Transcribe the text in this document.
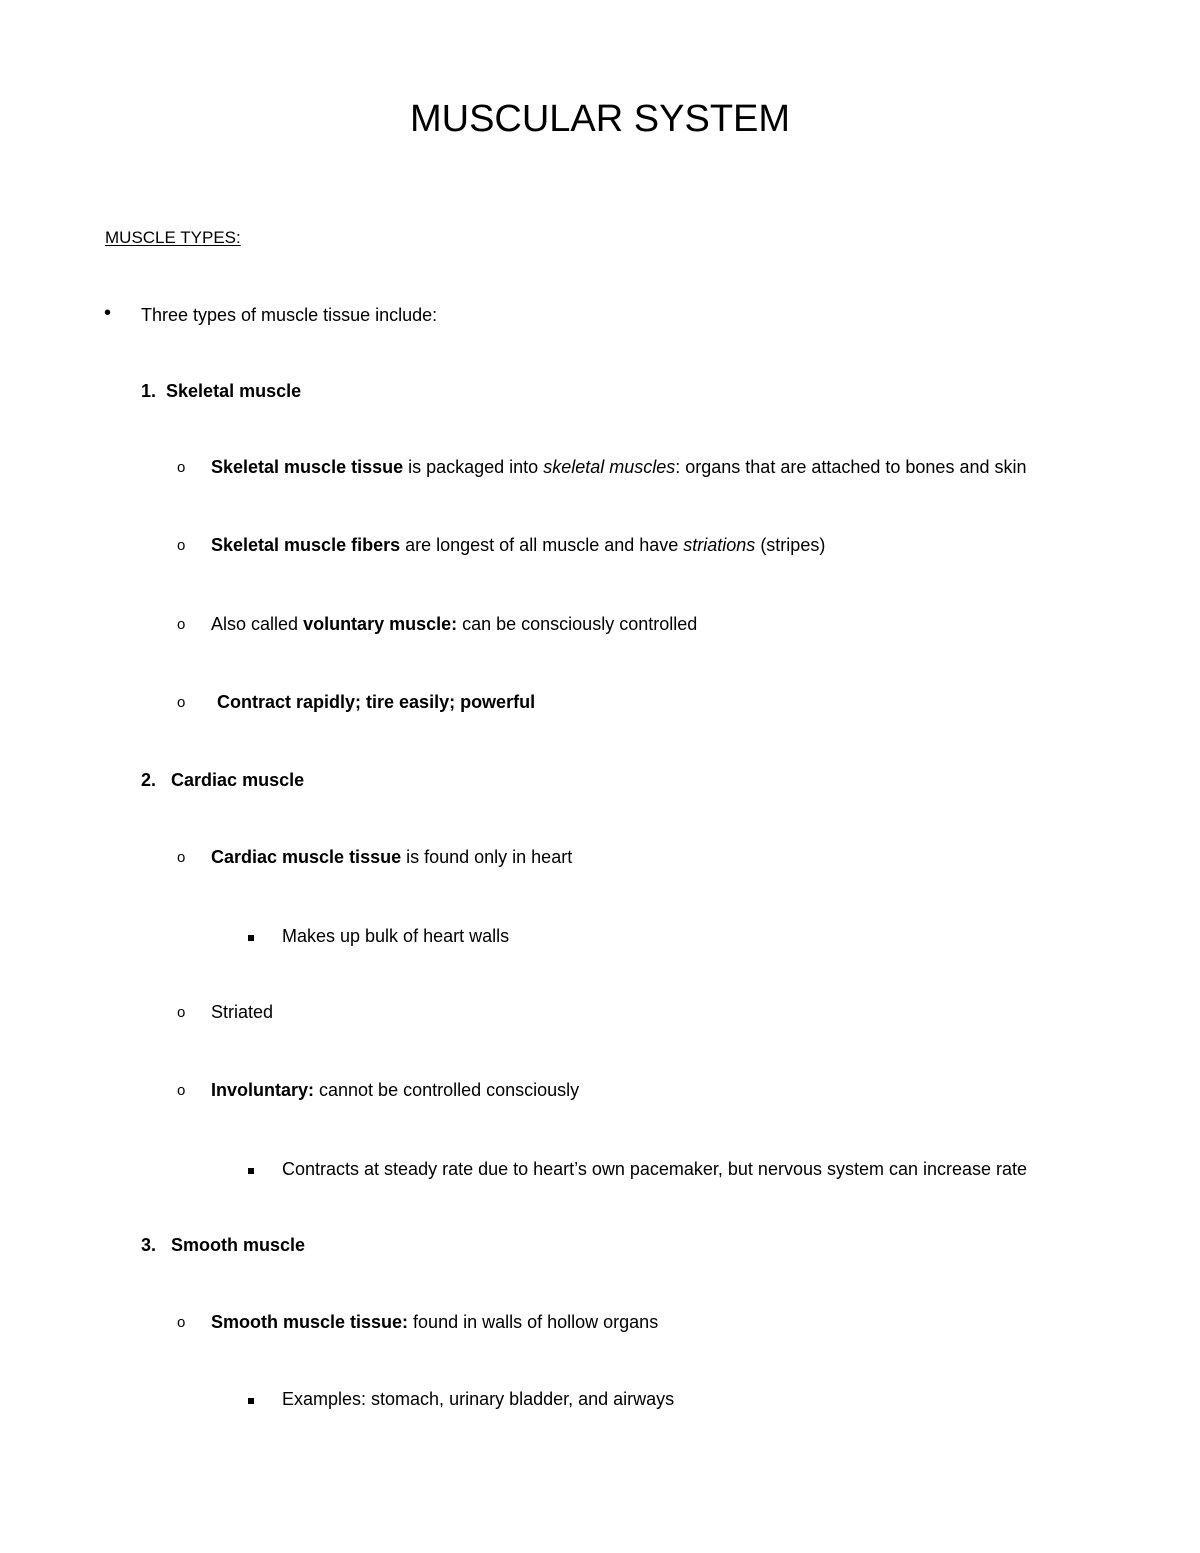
MUSCULAR SYSTEM
MUSCLE TYPES:
• Three types of muscle tissue include:
1. Skeletal muscle
o Skeletal muscle tissue is packaged into skeletal muscles: organs that are attached to bones and skin
o Skeletal muscle fibers are longest of all muscle and have striations (stripes)
o Also called voluntary muscle: can be consciously controlled
o Contract rapidly; tire easily; powerful
2. Cardiac muscle
o Cardiac muscle tissue is found only in heart
Makes up bulk of heart walls
o Striated
o Involuntary: cannot be controlled consciously
Contracts at steady rate due to heart’s own pacemaker, but nervous system can increase rate
3. Smooth muscle
o Smooth muscle tissue: found in walls of hollow organs
Examples: stomach, urinary bladder, and airways
